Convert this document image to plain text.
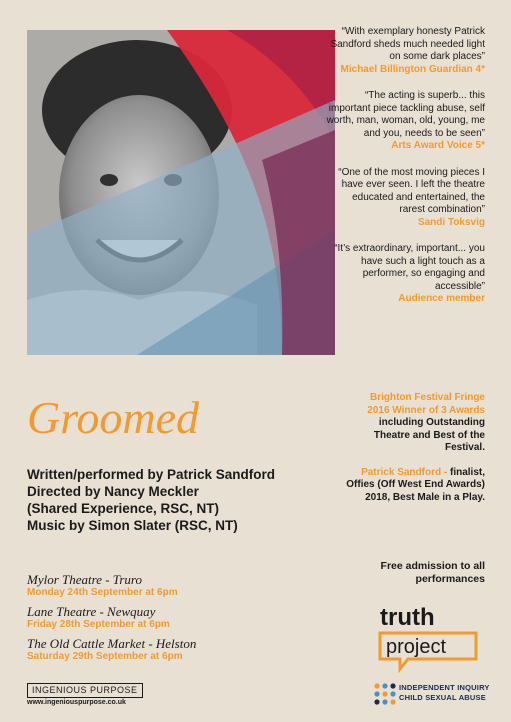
“With exemplary honesty Patrick Sandford sheds much needed light on some dark places”
Michael Billington Guardian 4*
“The acting is superb... this important piece tackling abuse, self worth, man, woman, old, young, me and you, needs to be seen”
Arts Award Voice 5*
“One of the most moving pieces I have ever seen. I left the theatre educated and entertained, the rarest combination”
Sandi Toksvig
“It’s extraordinary, important... you have such a light touch as a performer, so engaging and accessible”
Audience member
Groomed
Written/performed by Patrick Sandford
Directed by Nancy Meckler
(Shared Experience, RSC, NT)
Music by Simon Slater (RSC, NT)
Mylor Theatre - Truro
Monday 24th September at 6pm
Lane Theatre - Newquay
Friday 28th September at 6pm
The Old Cattle Market - Helston
Saturday 29th September at 6pm

Brighton Festival Fringe 2016 Winner of 3 Awards including Outstanding Theatre and Best of the Festival.

Patrick Sandford - finalist, Offies (Off West End Awards) 2018, Best Male in a Play.

Free admission to all performances
INGENIOUS PURPOSE
www.ingeniouspurpose.co.uk
truth
project
INDEPENDENT INQUIRY
CHILD SEXUAL ABUSE
